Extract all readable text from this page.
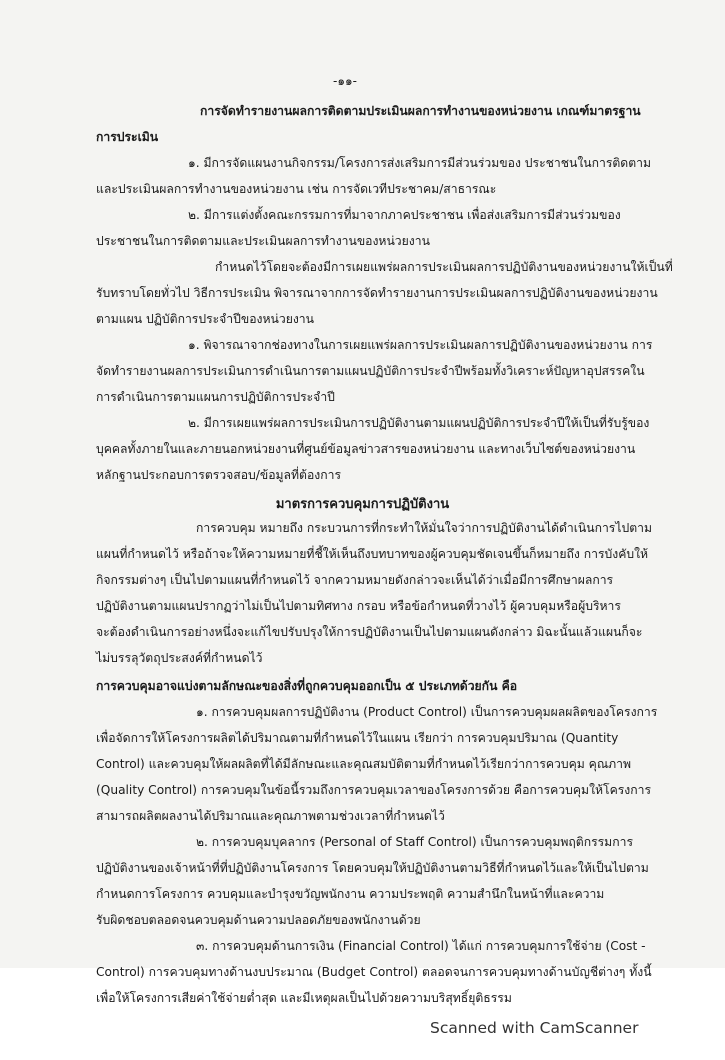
-๑๑-
การจัดทำรายงานผลการติดตามประเมินผลการทำงานของหน่วยงาน เกณฑ์มาตรฐาน
การประเมิน
๑. มีการจัดแผนงานกิจกรรม/โครงการส่งเสริมการมีส่วนร่วมของ ประชาชนในการติดตาม
และประเมินผลการทำงานของหน่วยงาน เช่น การจัดเวทีประชาคม/สาธารณะ
๒. มีการแต่งตั้งคณะกรรมการที่มาจากภาคประชาชน เพื่อส่งเสริมการมีส่วนร่วมของ
ประชาชนในการติดตามและประเมินผลการทำงานของหน่วยงาน
กำหนดไว้โดยจะต้องมีการเผยแพร่ผลการประเมินผลการปฏิบัติงานของหน่วยงานให้เป็นที่
รับทราบโดยทั่วไป วิธีการประเมิน พิจารณาจากการจัดทำรายงานการประเมินผลการปฏิบัติงานของหน่วยงาน
ตามแผน ปฏิบัติการประจำปีของหน่วยงาน
๑. พิจารณาจากช่องทางในการเผยแพร่ผลการประเมินผลการปฏิบัติงานของหน่วยงาน การ
จัดทำรายงานผลการประเมินการดำเนินการตามแผนปฏิบัติการประจำปีพร้อมทั้งวิเคราะห์ปัญหาอุปสรรคใน
การดำเนินการตามแผนการปฏิบัติการประจำปี
๒. มีการเผยแพร่ผลการประเมินการปฏิบัติงานตามแผนปฏิบัติการประจำปีให้เป็นที่รับรู้ของ
บุคคลทั้งภายในและภายนอกหน่วยงานที่ศูนย์ข้อมูลข่าวสารของหน่วยงาน และทางเว็บไซต์ของหน่วยงาน
หลักฐานประกอบการตรวจสอบ/ข้อมูลที่ต้องการ
มาตรการควบคุมการปฏิบัติงาน
การควบคุม หมายถึง กระบวนการที่กระทำให้มั่นใจว่าการปฏิบัติงานได้ดำเนินการไปตาม
แผนที่กำหนดไว้ หรือถ้าจะให้ความหมายที่ชี้ให้เห็นถึงบทบาทของผู้ควบคุมชัดเจนขึ้นก็หมายถึง การบังคับให้
กิจกรรมต่างๆ เป็นไปตามแผนที่กำหนดไว้ จากความหมายดังกล่าวจะเห็นได้ว่าเมื่อมีการศึกษาผลการ
ปฏิบัติงานตามแผนปรากฏว่าไม่เป็นไปตามทิศทาง กรอบ หรือข้อกำหนดที่วางไว้ ผู้ควบคุมหรือผู้บริหาร
จะต้องดำเนินการอย่างหนึ่งจะแก้ไขปรับปรุงให้การปฏิบัติงานเป็นไปตามแผนดังกล่าว มิฉะนั้นแล้วแผนก็จะ
ไม่บรรลุวัตถุประสงค์ที่กำหนดไว้
การควบคุมอาจแบ่งตามลักษณะของสิ่งที่ถูกควบคุมออกเป็น ๕ ประเภทด้วยกัน คือ
๑. การควบคุมผลการปฏิบัติงาน (Product Control) เป็นการควบคุมผลผลิตของโครงการ
เพื่อจัดการให้โครงการผลิตได้ปริมาณตามที่กำหนดไว้ในแผน เรียกว่า การควบคุมปริมาณ (Quantity
Control) และควบคุมให้ผลผลิตที่ได้มีลักษณะและคุณสมบัติตามที่กำหนดไว้เรียกว่าการควบคุม คุณภาพ
(Quality Control) การควบคุมในข้อนี้รวมถึงการควบคุมเวลาของโครงการด้วย คือการควบคุมให้โครงการ
สามารถผลิตผลงานได้ปริมาณและคุณภาพตามช่วงเวลาที่กำหนดไว้
๒. การควบคุมบุคลากร (Personal of Staff Control) เป็นการควบคุมพฤติกรรมการ
ปฏิบัติงานของเจ้าหน้าที่ที่ปฏิบัติงานโครงการ โดยควบคุมให้ปฏิบัติงานตามวิธีที่กำหนดไว้และให้เป็นไปตาม
กำหนดการโครงการ ควบคุมและบำรุงขวัญพนักงาน ความประพฤติ ความสำนึกในหน้าที่และความ
รับผิดชอบตลอดจนควบคุมด้านความปลอดภัยของพนักงานด้วย
๓. การควบคุมด้านการเงิน (Financial Control) ได้แก่ การควบคุมการใช้จ่าย (Cost -
Control) การควบคุมทางด้านงบประมาณ (Budget Control) ตลอดจนการควบคุมทางด้านบัญชีต่างๆ ทั้งนี้
เพื่อให้โครงการเสียค่าใช้จ่ายต่ำสุด และมีเหตุผลเป็นไปด้วยความบริสุทธิ์ยุติธรรม
Scanned with CamScanner
